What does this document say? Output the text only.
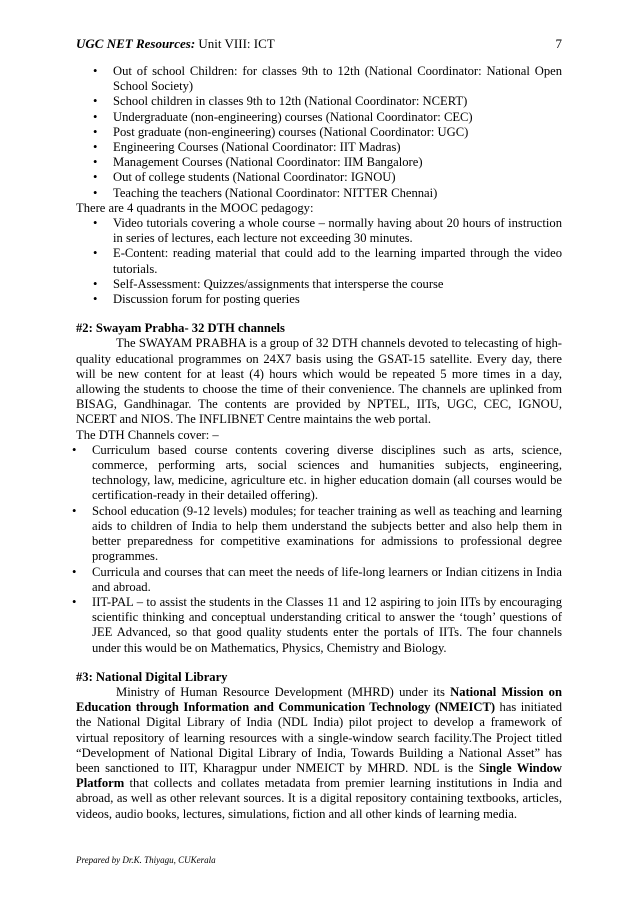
UGC NET Resources: Unit VIII: ICT	7
• Out of school Children: for classes 9th to 12th (National Coordinator: National Open School Society)
• School children in classes 9th to 12th (National Coordinator: NCERT)
• Undergraduate (non-engineering) courses (National Coordinator: CEC)
• Post graduate (non-engineering) courses (National Coordinator: UGC)
• Engineering Courses (National Coordinator: IIT Madras)
• Management Courses (National Coordinator: IIM Bangalore)
• Out of college students (National Coordinator: IGNOU)
• Teaching the teachers (National Coordinator: NITTER Chennai)

There are 4 quadrants in the MOOC pedagogy:

• Video tutorials covering a whole course – normally having about 20 hours of instruction in series of lectures, each lecture not exceeding 30 minutes.
• E-Content: reading material that could add to the learning imparted through the video tutorials.
• Self-Assessment: Quizzes/assignments that intersperse the course
• Discussion forum for posting queries

#2: Swayam Prabha- 32 DTH channels

The SWAYAM PRABHA is a group of 32 DTH channels devoted to telecasting of high-quality educational programmes on 24X7 basis using the GSAT-15 satellite. Every day, there will be new content for at least (4) hours which would be repeated 5 more times in a day, allowing the students to choose the time of their convenience. The channels are uplinked from BISAG, Gandhinagar. The contents are provided by NPTEL, IITs, UGC, CEC, IGNOU, NCERT and NIOS. The INFLIBNET Centre maintains the web portal.

The DTH Channels cover: –

• Curriculum based course contents covering diverse disciplines such as arts, science, commerce, performing arts, social sciences and humanities subjects, engineering, technology, law, medicine, agriculture etc. in higher education domain (all courses would be certification-ready in their detailed offering).
• School education (9-12 levels) modules; for teacher training as well as teaching and learning aids to children of India to help them understand the subjects better and also help them in better preparedness for competitive examinations for admissions to professional degree programmes.
• Curricula and courses that can meet the needs of life-long learners or Indian citizens in India and abroad.
• IIT-PAL – to assist the students in the Classes 11 and 12 aspiring to join IITs by encouraging scientific thinking and conceptual understanding critical to answer the ‘tough’ questions of JEE Advanced, so that good quality students enter the portals of IITs. The four channels under this would be on Mathematics, Physics, Chemistry and Biology.

#3: National Digital Library

Ministry of Human Resource Development (MHRD) under its National Mission on Education through Information and Communication Technology (NMEICT) has initiated the National Digital Library of India (NDL India) pilot project to develop a framework of virtual repository of learning resources with a single-window search facility.The Project titled “Development of National Digital Library of India, Towards Building a National Asset” has been sanctioned to IIT, Kharagpur under NMEICT by MHRD. NDL is the Single Window Platform that collects and collates metadata from premier learning institutions in India and abroad, as well as other relevant sources. It is a digital repository containing textbooks, articles, videos, audio books, lectures, simulations, fiction and all other kinds of learning media.

Prepared by Dr.K. Thiyagu, CUKerala
